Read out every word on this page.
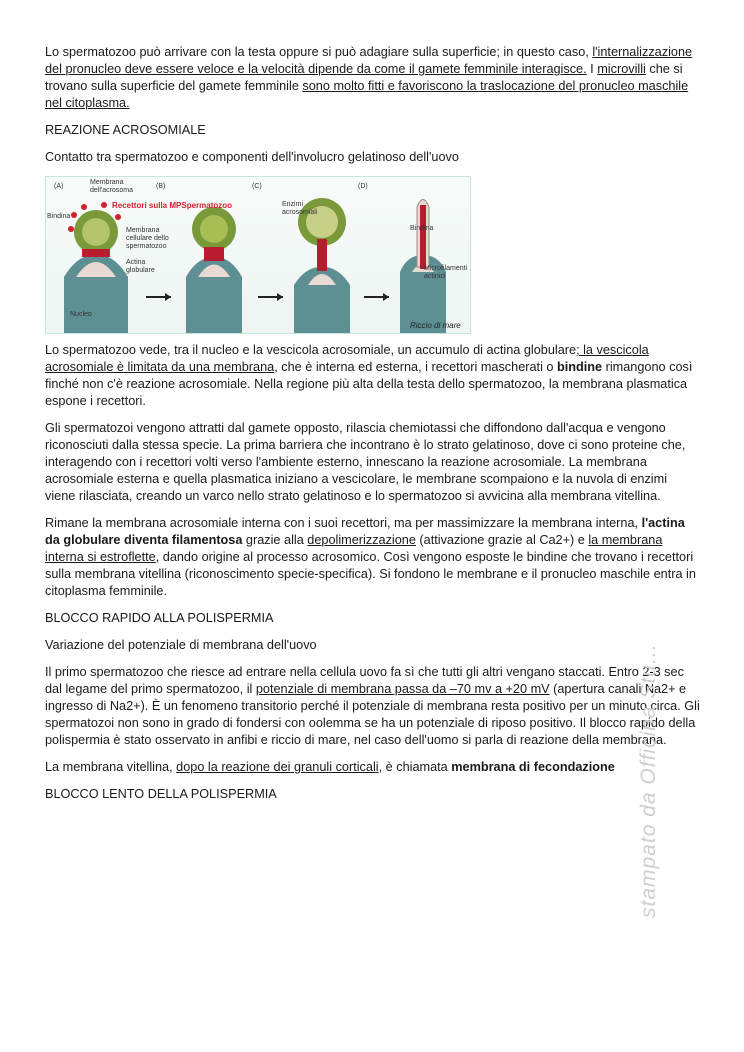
Lo spermatozoo può arrivare con la testa oppure si può adagiare sulla superficie; in questo caso, l'internalizzazione del pronucleo deve essere veloce e la velocità dipende da come il gamete femminile interagisce. I microvilli che si trovano sulla superficie del gamete femminile sono molto fitti e favoriscono la traslocazione del pronucleo maschile nel citoplasma.

REAZIONE ACROSOMIALE

Contatto tra spermatozoo e componenti dell'involucro gelatinoso dell'uovo

(A)	(B)	(C)	(D)
Membrana dell'acrosoma
Bindina
Recettori sulla MPSpermatozoo
Membrana cellulare dello spermatozoo
Actina globulare
Nucleo
Enzimi acrosomiali
Bindina
Microfilamenti actinici
Riccio di mare

Lo spermatozoo vede, tra il nucleo e la vescicola acrosomiale, un accumulo di actina globulare; la vescicola acrosomiale è limitata da una membrana, che è interna ed esterna, i recettori mascherati o bindine rimangono così finché non c'è reazione acrosomiale. Nella regione più alta della testa dello spermatozoo, la membrana plasmatica espone i recettori.

Gli spermatozoi vengono attratti dal gamete opposto, rilascia chemiotassi che diffondono dall'acqua e vengono riconosciuti dalla stessa specie. La prima barriera che incontrano è lo strato gelatinoso, dove ci sono proteine che, interagendo con i recettori volti verso l'ambiente esterno, innescano la reazione acrosomiale. La membrana acrosomiale esterna e quella plasmatica iniziano a vescicolare, le membrane scompaiono e la nuvola di enzimi viene rilasciata, creando un varco nello strato gelatinoso e lo spermatozoo si avvicina alla membrana vitellina.

Rimane la membrana acrosomiale interna con i suoi recettori, ma per massimizzare la membrana interna, l'actina da globulare diventa filamentosa grazie alla depolimerizzazione (attivazione grazie al Ca2+) e la membrana interna si estroflette, dando origine al processo acrosomico. Così vengono esposte le bindine che trovano i recettori sulla membrana vitellina (riconoscimento specie-specifica). Si fondono le membrane e il pronucleo maschile entra in citoplasma femminile.

BLOCCO RAPIDO ALLA POLISPERMIA

Variazione del potenziale di membrana dell'uovo

Il primo spermatozoo che riesce ad entrare nella cellula uovo fa sì che tutti gli altri vengano staccati. Entro 2-3 sec dal legame del primo spermatozoo, il potenziale di membrana passa da –70 mv a +20 mV (apertura canali Na2+ e ingresso di Na2+). È un fenomeno transitorio perché il potenziale di membrana resta positivo per un minuto circa. Gli spermatozoi non sono in grado di fondersi con oolemma se ha un potenziale di riposo positivo. Il blocco rapido della polispermia è stato osservato in anfibi e riccio di mare, nel caso dell'uomo si parla di reazione della membrana.

La membrana vitellina, dopo la reazione dei granuli corticali, è chiamata membrana di fecondazione

BLOCCO LENTO DELLA POLISPERMIA	stampato da Officina Stu...
